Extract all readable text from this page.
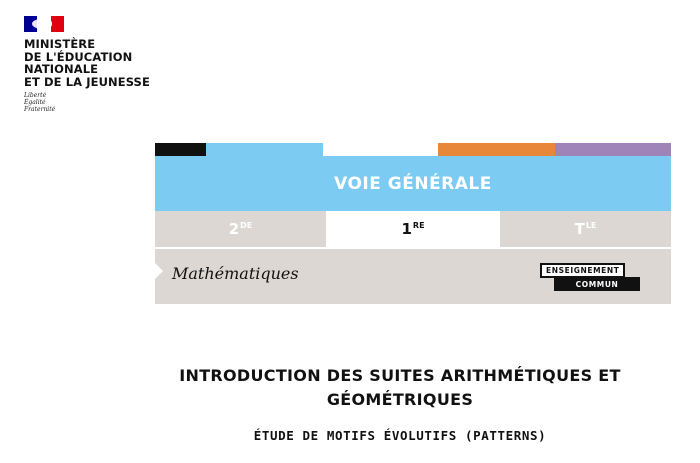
MINISTÈRE
DE L'ÉDUCATION
NATIONALE
ET DE LA JEUNESSE
Liberté
Égalité
Fraternité
VOIE GÉNÉRALE
2DE	1RE	$T^{LE}$
Mathématiques	ENSEIGNEMENT
COMMUN
INTRODUCTION DES SUITES ARITHMÉTIQUES ET
GÉOMÉTRIQUES
ÉTUDE DE MOTIFS ÉVOLUTIFS (PATTERNS)
